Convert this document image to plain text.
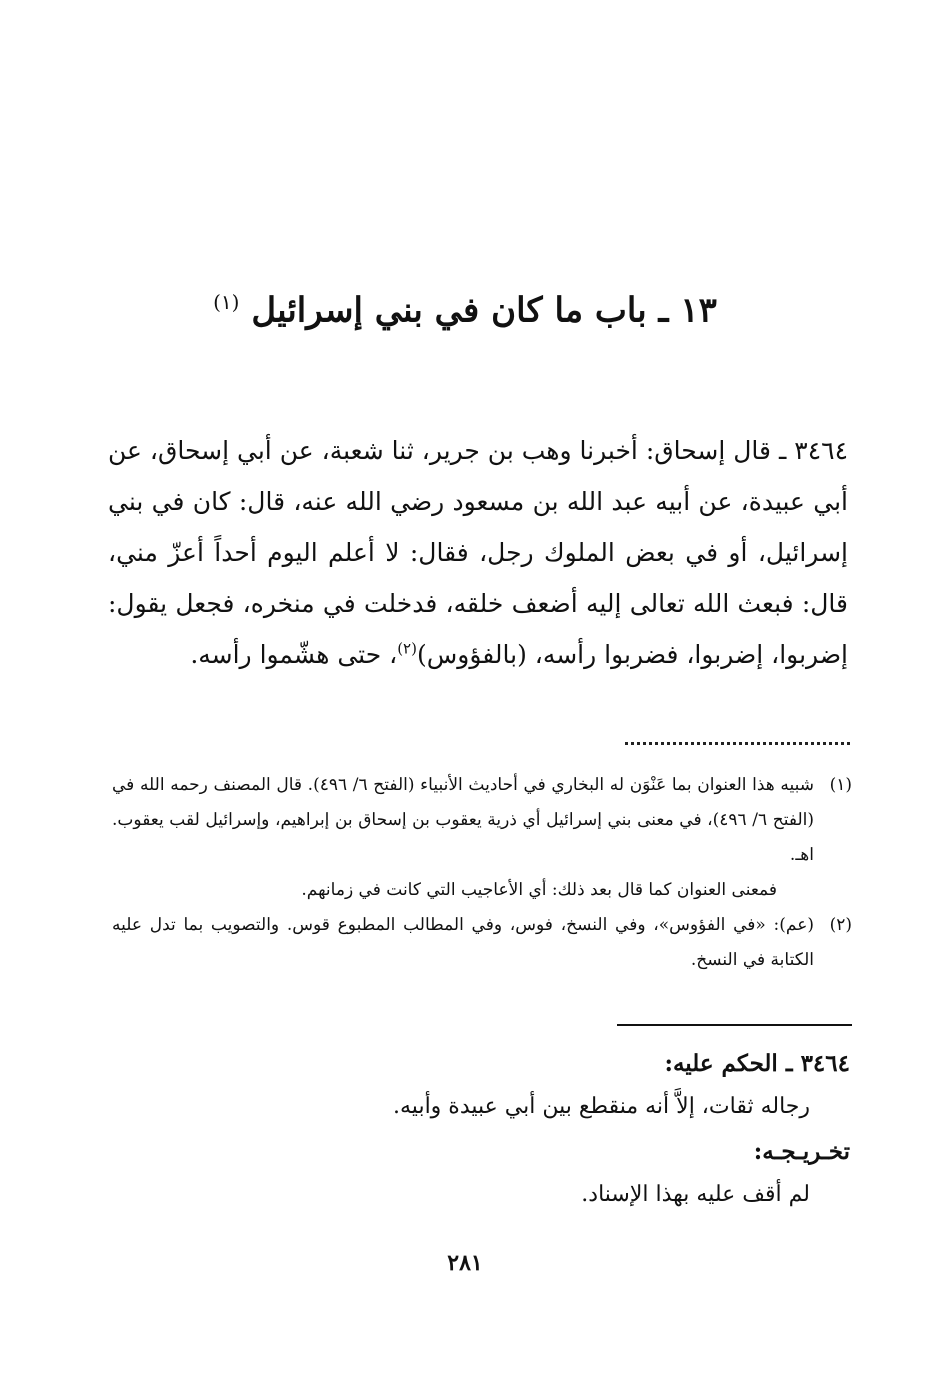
١٣ ـ باب ما كان في بني إسرائيل $^{(١)}$
٣٤٦٤ ـ قال إسحاق: أخبرنا وهب بن جرير، ثنا شعبة، عن أبي إسحاق، عن أبي عبيدة، عن أبيه عبد الله بن مسعود رضي الله عنه، قال: كان في بني إسرائيل، أو في بعض الملوك رجل، فقال: لا أعلم اليوم أحداً أعزّ مني، قال: فبعث الله تعالى إليه أضعف خلقه، فدخلت في منخره، فجعل يقول: إضربوا، إضربوا، فضربوا رأسه، (بالفؤوس)$^{(٢)}$، حتى هشّموا رأسه.
(١)
شبيه هذا العنوان بما عَنْوَن له البخاري في أحاديث الأنبياء (الفتح ٦/ ٤٩٦). قال المصنف رحمه الله في (الفتح ٦/ ٤٩٦)، في معنى بني إسرائيل أي ذرية يعقوب بن إسحاق بن إبراهيم، وإسرائيل لقب يعقوب. اهـ.
فمعنى العنوان كما قال بعد ذلك: أي الأعاجيب التي كانت في زمانهم.
(٢)
(عم): «في الفؤوس»، وفي النسخ، فوس، وفي المطالب المطبوع قوس. والتصويب بما تدل عليه الكتابة في النسخ.
٣٤٦٤ ـ الحكم عليه:
رجاله ثقات، إلاَّ أنه منقطع بين أبي عبيدة وأبيه.
تخـريـجـه:
لم أقف عليه بهذا الإسناد.
٢٨١
